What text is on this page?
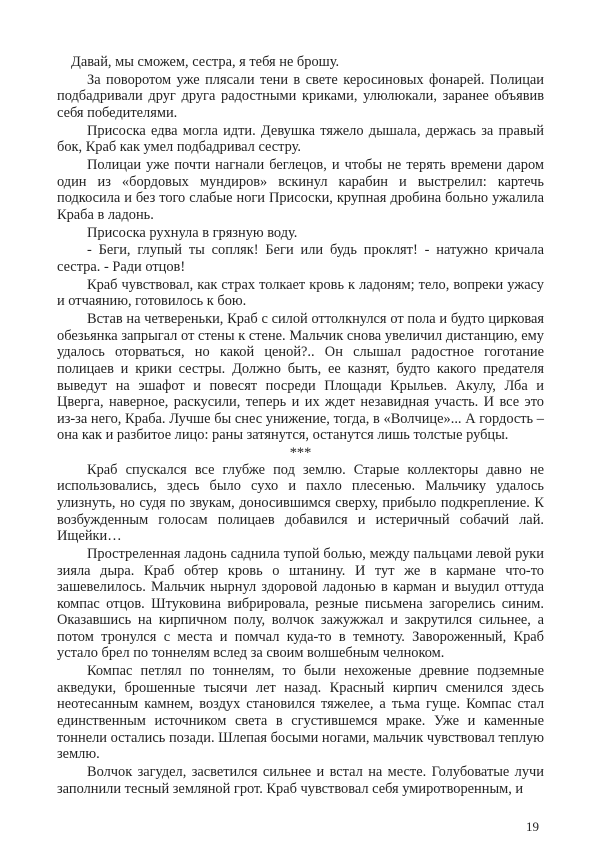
Давай, мы сможем, сестра, я тебя не брошу.

За поворотом уже плясали тени в свете керосиновых фонарей. Полицаи подбадривали друг друга радостными криками, улюлюкали, заранее объявив себя победителями.

Присоска едва могла идти. Девушка тяжело дышала, держась за правый бок, Краб как умел подбадривал сестру.

Полицаи уже почти нагнали беглецов, и чтобы не терять времени даром один из «бордовых мундиров» вскинул карабин и выстрелил: картечь подкосила и без того слабые ноги Присоски, крупная дробина больно ужалила Краба в ладонь.

Присоска рухнула в грязную воду.

- Беги, глупый ты сопляк! Беги или будь проклят! - натужно кричала сестра. - Ради отцов!

Краб чувствовал, как страх толкает кровь к ладоням; тело, вопреки ужасу и отчаянию, готовилось к бою.

Встав на четвереньки, Краб с силой оттолкнулся от пола и будто цирковая обезьянка запрыгал от стены к стене. Мальчик снова увеличил дистанцию, ему удалось оторваться, но какой ценой?.. Он слышал радостное гоготание полицаев и крики сестры. Должно быть, ее казнят, будто какого предателя выведут на эшафот и повесят посреди Площади Крыльев. Акулу, Лба и Цверга, наверное, раскусили, теперь и их ждет незавидная участь. И все это из-за него, Краба. Лучше бы снес унижение, тогда, в «Волчице»... А гордость – она как и разбитое лицо: раны затянутся, останутся лишь толстые рубцы.

***

Краб спускался все глубже под землю. Старые коллекторы давно не использовались, здесь было сухо и пахло плесенью. Мальчику удалось улизнуть, но судя по звукам, доносившимся сверху, прибыло подкрепление. К возбужденным голосам полицаев добавился и истеричный собачий лай. Ищейки…

Простреленная ладонь саднила тупой болью, между пальцами левой руки зияла дыра. Краб обтер кровь о штанину. И тут же в кармане что-то зашевелилось. Мальчик нырнул здоровой ладонью в карман и выудил оттуда компас отцов. Штуковина вибрировала, резные письмена загорелись синим. Оказавшись на кирпичном полу, волчок зажужжал и закрутился сильнее, а потом тронулся с места и помчал куда-то в темноту. Завороженный, Краб устало брел по тоннелям вслед за своим волшебным челноком.

Компас петлял по тоннелям, то были нехоженые древние подземные акведуки, брошенные тысячи лет назад. Красный кирпич сменился здесь неотесанным камнем, воздух становился тяжелее, а тьма гуще. Компас стал единственным источником света в сгустившемся мраке. Уже и каменные тоннели остались позади. Шлепая босыми ногами, мальчик чувствовал теплую землю.

Волчок загудел, засветился сильнее и встал на месте. Голубоватые лучи заполнили тесный земляной грот. Краб чувствовал себя умиротворенным, и

19
